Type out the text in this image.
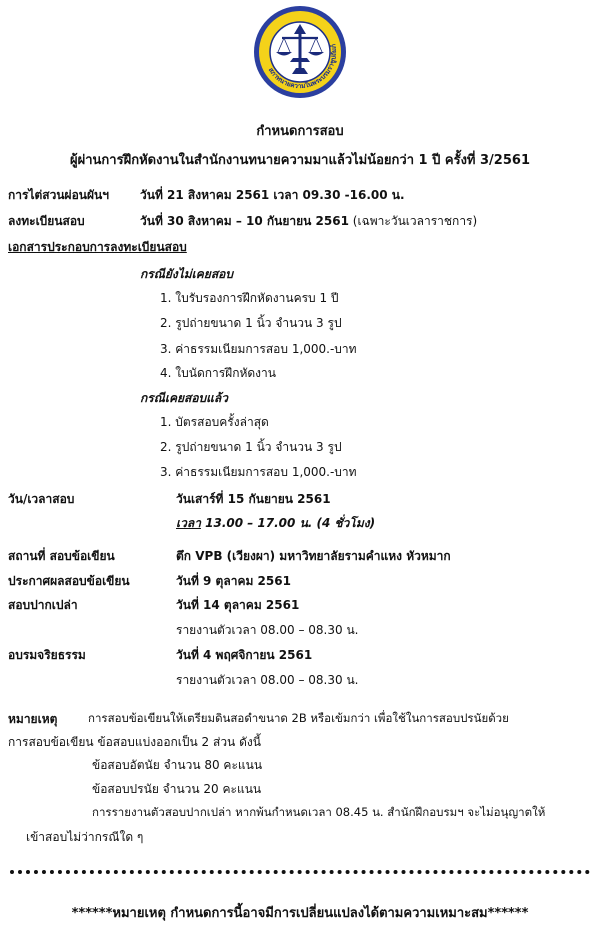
สภาทนายความในพระบรมราชูปถัมภ์
กำหนดการสอบ
ผู้ผ่านการฝึกหัดงานในสำนักงานทนายความมาแล้วไม่น้อยกว่า 1 ปี ครั้งที่ 3/2561
การไต่สวนผ่อนผันฯ	วันที่ 21 สิงหาคม 2561 เวลา 09.30 -16.00 น.
ลงทะเบียนสอบ	วันที่ 30 สิงหาคม – 10 กันยายน 2561 (เฉพาะวันเวลาราชการ)
เอกสารประกอบการลงทะเบียนสอบ
กรณียังไม่เคยสอบ
1. ใบรับรองการฝึกหัดงานครบ 1 ปี
2. รูปถ่ายขนาด 1 นิ้ว จำนวน 3 รูป
3. ค่าธรรมเนียมการสอบ 1,000.-บาท
4. ใบนัดการฝึกหัดงาน
กรณีเคยสอบแล้ว
1. บัตรสอบครั้งล่าสุด
2. รูปถ่ายขนาด 1 นิ้ว จำนวน 3 รูป
3. ค่าธรรมเนียมการสอบ 1,000.-บาท
วัน/เวลาสอบ	วันเสาร์ที่ 15 กันยายน 2561
เวลา 13.00 – 17.00 น. (4 ชั่วโมง)
สถานที่ สอบข้อเขียน	ตึก VPB (เวียงผา) มหาวิทยาลัยรามคำแหง หัวหมาก
ประกาศผลสอบข้อเขียน	วันที่ 9 ตุลาคม 2561
สอบปากเปล่า	วันที่ 14 ตุลาคม 2561
รายงานตัวเวลา 08.00 – 08.30 น.
อบรมจริยธรรม	วันที่ 4 พฤศจิกายน 2561
รายงานตัวเวลา 08.00 – 08.30 น.
หมายเหตุ	การสอบข้อเขียนให้เตรียมดินสอดำขนาด 2B หรือเข้มกว่า เพื่อใช้ในการสอบปรนัยด้วย
การสอบข้อเขียน ข้อสอบแบ่งออกเป็น 2 ส่วน ดังนี้
ข้อสอบอัตนัย จำนวน 80 คะแนน
ข้อสอบปรนัย จำนวน 20 คะแนน
การรายงานตัวสอบปากเปล่า หากพ้นกำหนดเวลา 08.45 น. สำนักฝึกอบรมฯ จะไม่อนุญาตให้
เข้าสอบไม่ว่ากรณีใด ๆ
******หมายเหตุ กำหนดการนี้อาจมีการเปลี่ยนแปลงได้ตามความเหมาะสม******
